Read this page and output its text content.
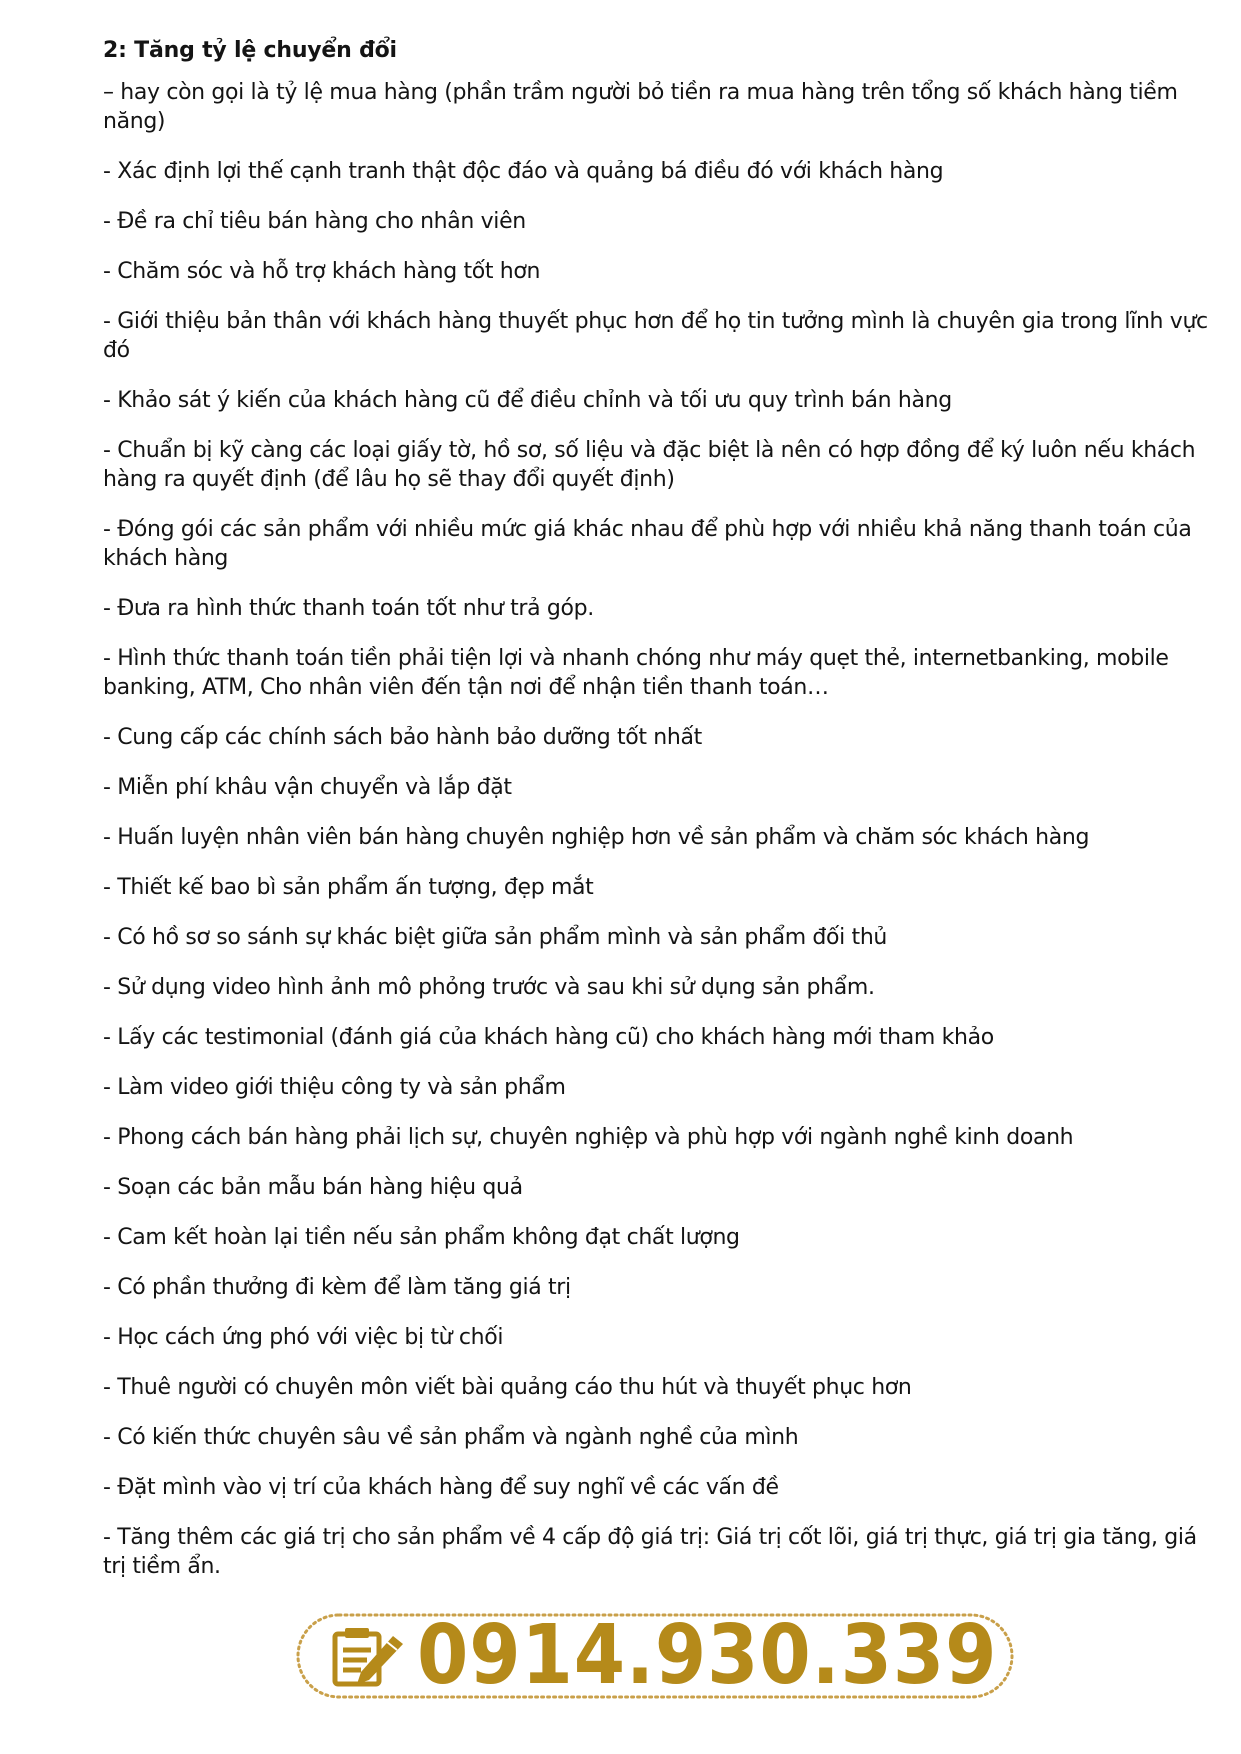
2: Tăng tỷ lệ chuyển đổi

– hay còn gọi là tỷ lệ mua hàng (phần trầm người bỏ tiền ra mua hàng trên tổng số khách hàng tiềm năng)

- Xác định lợi thế cạnh tranh thật độc đáo và quảng bá điều đó với khách hàng

- Đề ra chỉ tiêu bán hàng cho nhân viên

- Chăm sóc và hỗ trợ khách hàng tốt hơn

- Giới thiệu bản thân với khách hàng thuyết phục hơn để họ tin tưởng mình là chuyên gia trong lĩnh vực đó

- Khảo sát ý kiến của khách hàng cũ để điều chỉnh và tối ưu quy trình bán hàng

- Chuẩn bị kỹ càng các loại giấy tờ, hồ sơ, số liệu và đặc biệt là nên có hợp đồng để ký luôn nếu khách hàng ra quyết định (để lâu họ sẽ thay đổi quyết định)

- Đóng gói các sản phẩm với nhiều mức giá khác nhau để phù hợp với nhiều khả năng thanh toán của khách hàng

- Đưa ra hình thức thanh toán tốt như trả góp.

- Hình thức thanh toán tiền phải tiện lợi và nhanh chóng như máy quẹt thẻ, internetbanking, mobile banking, ATM, Cho nhân viên đến tận nơi để nhận tiền thanh toán…

- Cung cấp các chính sách bảo hành bảo dưỡng tốt nhất

- Miễn phí khâu vận chuyển và lắp đặt

- Huấn luyện nhân viên bán hàng chuyên nghiệp hơn về sản phẩm và chăm sóc khách hàng

- Thiết kế bao bì sản phẩm ấn tượng, đẹp mắt

- Có hồ sơ so sánh sự khác biệt giữa sản phẩm mình và sản phẩm đối thủ

- Sử dụng video hình ảnh mô phỏng trước và sau khi sử dụng sản phẩm.

- Lấy các testimonial (đánh giá của khách hàng cũ) cho khách hàng mới tham khảo

- Làm video giới thiệu công ty và sản phẩm

- Phong cách bán hàng phải lịch sự, chuyên nghiệp và phù hợp với ngành nghề kinh doanh

- Soạn các bản mẫu bán hàng hiệu quả

- Cam kết hoàn lại tiền nếu sản phẩm không đạt chất lượng

- Có phần thưởng đi kèm để làm tăng giá trị

- Học cách ứng phó với việc bị từ chối

- Thuê người có chuyên môn viết bài quảng cáo thu hút và thuyết phục hơn

- Có kiến thức chuyên sâu về sản phẩm và ngành nghề của mình

- Đặt mình vào vị trí của khách hàng để suy nghĩ về các vấn đề

- Tăng thêm các giá trị cho sản phẩm về 4 cấp độ giá trị: Giá trị cốt lõi, giá trị thực, giá trị gia tăng, giá trị tiềm ẩn.

0914.930.339
